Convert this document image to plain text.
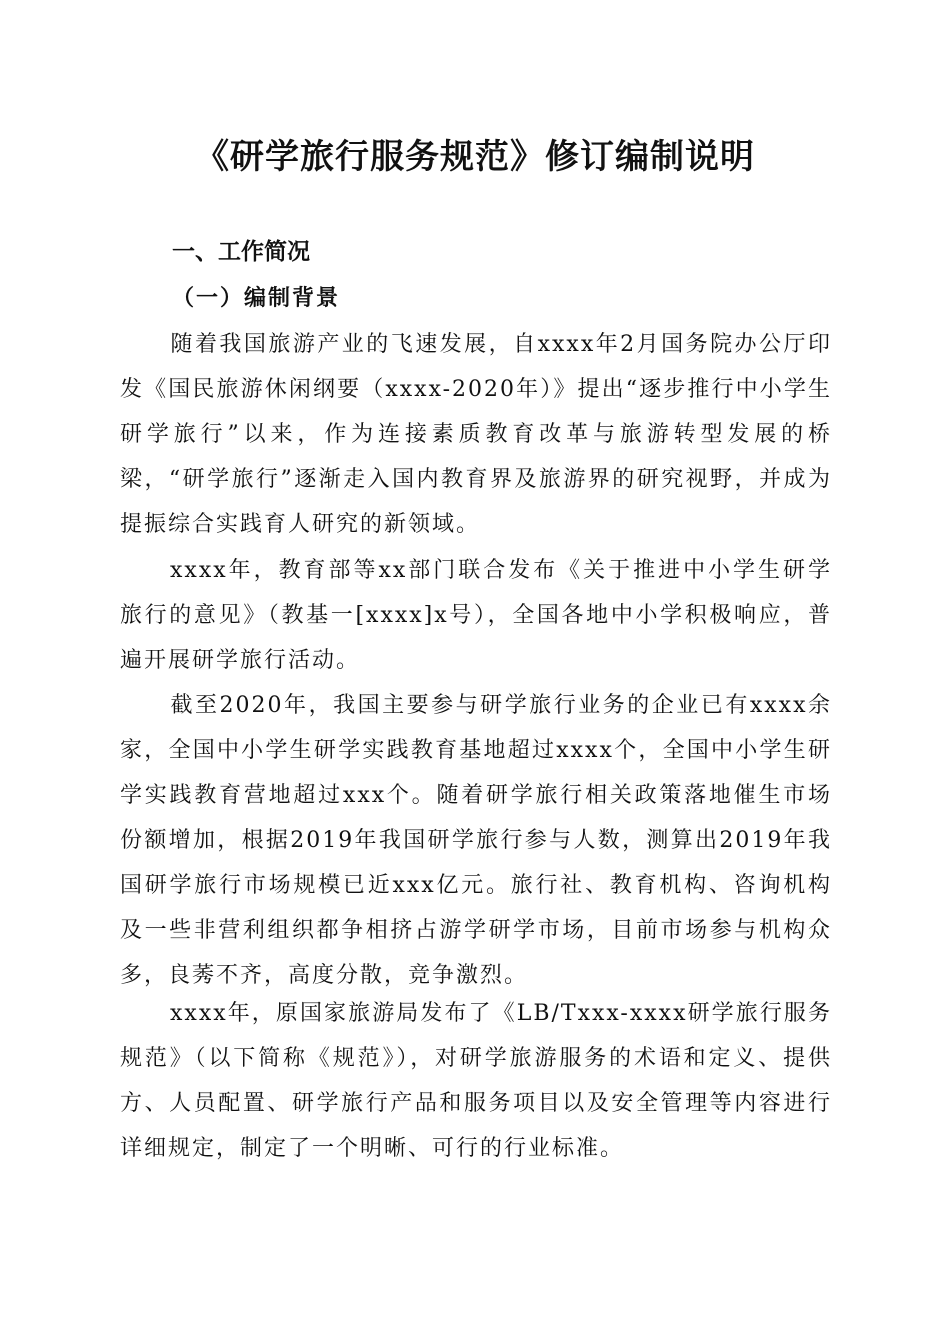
《研学旅行服务规范》修订编制说明
一、工作简况
（一）编制背景

随着我国旅游产业的飞速发展，自xxxx年2月国务院办公厅印发《国民旅游休闲纲要（xxxx-2020年）》提出“逐步推行中小学生研学旅行”以来，作为连接素质教育改革与旅游转型发展的桥梁，“研学旅行”逐渐走入国内教育界及旅游界的研究视野，并成为提振综合实践育人研究的新领域。

xxxx年，教育部等xx部门联合发布《关于推进中小学生研学旅行的意见》（教基一[xxxx]x号），全国各地中小学积极响应，普遍开展研学旅行活动。

截至2020年，我国主要参与研学旅行业务的企业已有xxxx余家，全国中小学生研学实践教育基地超过xxxx个，全国中小学生研学实践教育营地超过xxx个。随着研学旅行相关政策落地催生市场份额增加，根据2019年我国研学旅行参与人数，测算出2019年我国研学旅行市场规模已近xxx亿元。旅行社、教育机构、咨询机构及一些非营利组织都争相挤占游学研学市场，目前市场参与机构众多，良莠不齐，高度分散，竞争激烈。

xxxx年，原国家旅游局发布了《LB/Txxx-xxxx研学旅行服务规范》（以下简称《规范》），对研学旅游服务的术语和定义、提供方、人员配置、研学旅行产品和服务项目以及安全管理等内容进行详细规定，制定了一个明晰、可行的行业标准。
